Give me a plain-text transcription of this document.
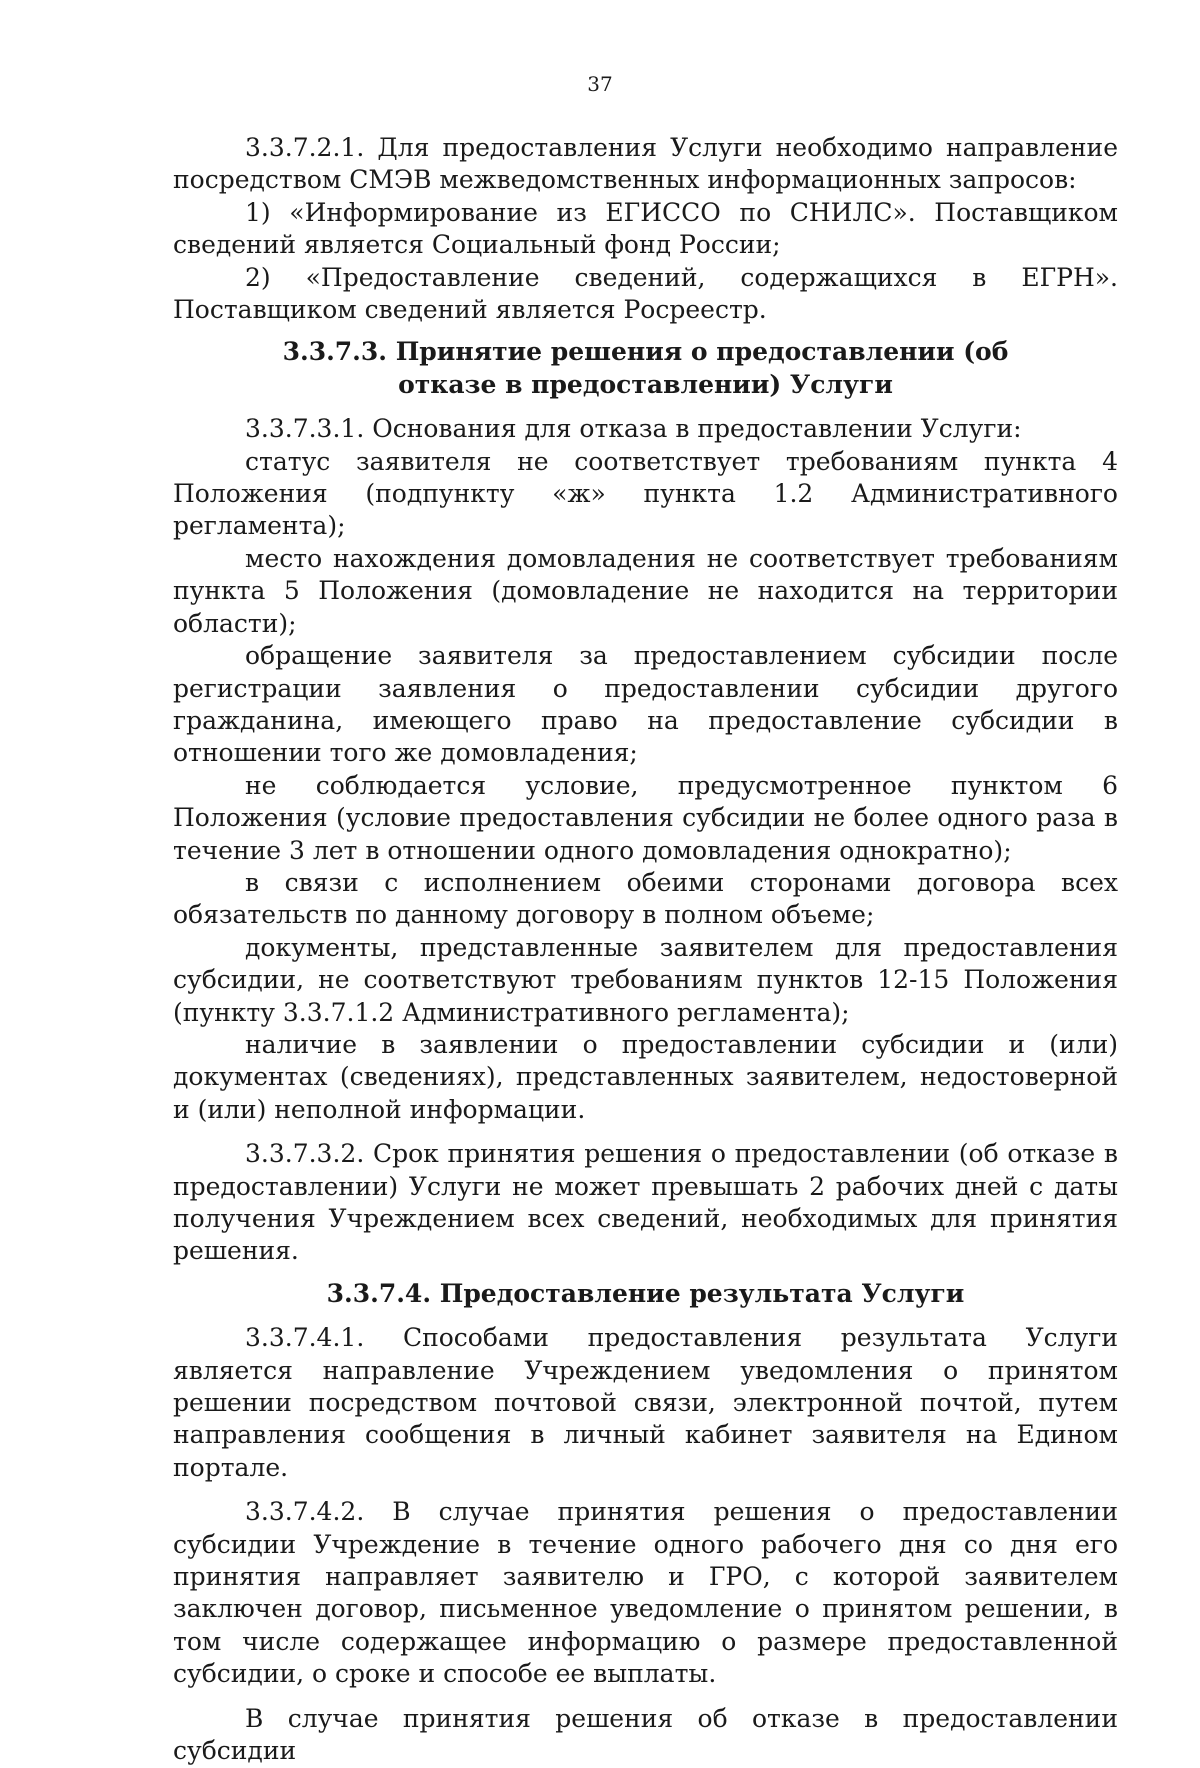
37

3.3.7.2.1. Для предоставления Услуги необходимо направление посредством СМЭВ межведомственных информационных запросов:

1) «Информирование из ЕГИССО по СНИЛС». Поставщиком сведений является Социальный фонд России;

2) «Предоставление сведений, содержащихся в ЕГРН». Поставщиком сведений является Росреестр.

3.3.7.3. Принятие решения о предоставлении (об отказе в предоставлении) Услуги

3.3.7.3.1. Основания для отказа в предоставлении Услуги:

статус заявителя не соответствует требованиям пункта 4 Положения (подпункту «ж» пункта 1.2 Административного регламента);

место нахождения домовладения не соответствует требованиям пункта 5 Положения (домовладение не находится на территории области);

обращение заявителя за предоставлением субсидии после регистрации заявления о предоставлении субсидии другого гражданина, имеющего право на предоставление субсидии в отношении того же домовладения;

не соблюдается условие, предусмотренное пунктом 6 Положения (условие предоставления субсидии не более одного раза в течение 3 лет в отношении одного домовладения однократно);

в связи с исполнением обеими сторонами договора всех обязательств по данному договору в полном объеме;

документы, представленные заявителем для предоставления субсидии, не соответствуют требованиям пунктов 12-15 Положения (пункту 3.3.7.1.2 Административного регламента);

наличие в заявлении о предоставлении субсидии и (или) документах (сведениях), представленных заявителем, недостоверной и (или) неполной информации.

3.3.7.3.2. Срок принятия решения о предоставлении (об отказе в предоставлении) Услуги не может превышать 2 рабочих дней с даты получения Учреждением всех сведений, необходимых для принятия решения.

3.3.7.4. Предоставление результата Услуги

3.3.7.4.1. Способами предоставления результата Услуги является направление Учреждением уведомления о принятом решении посредством почтовой связи, электронной почтой, путем направления сообщения в личный кабинет заявителя на Едином портале.

3.3.7.4.2. В случае принятия решения о предоставлении субсидии Учреждение в течение одного рабочего дня со дня его принятия направляет заявителю и ГРО, с которой заявителем заключен договор, письменное уведомление о принятом решении, в том числе содержащее информацию о размере предоставленной субсидии, о сроке и способе ее выплаты.

В случае принятия решения об отказе в предоставлении субсидии
